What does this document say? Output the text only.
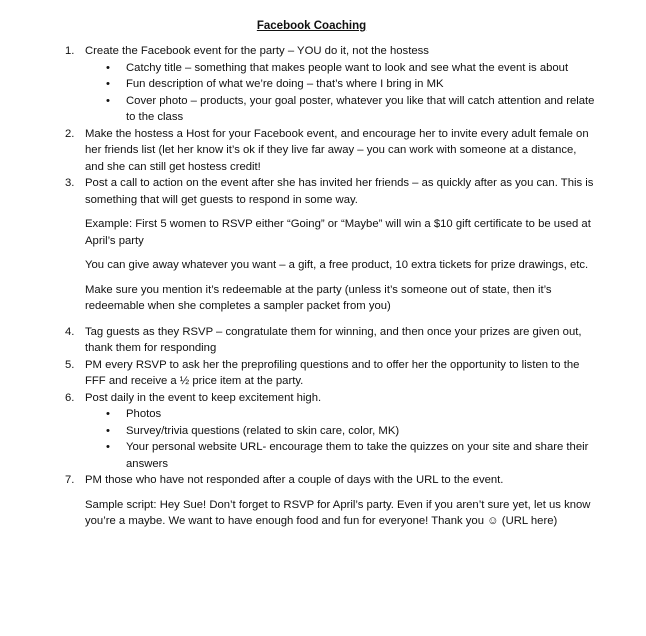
Facebook Coaching
1. Create the Facebook event for the party – YOU do it, not the hostess
• Catchy title – something that makes people want to look and see what the event is about
• Fun description of what we’re doing – that’s where I bring in MK
• Cover photo – products, your goal poster, whatever you like that will catch attention and relate to the class
2. Make the hostess a Host for your Facebook event, and encourage her to invite every adult female on her friends list (let her know it’s ok if they live far away – you can work with someone at a distance, and she can still get hostess credit!
3. Post a call to action on the event after she has invited her friends – as quickly after as you can. This is something that will get guests to respond in some way.
Example: First 5 women to RSVP either “Going” or “Maybe” will win a $10 gift certificate to be used at April’s party
You can give away whatever you want – a gift, a free product, 10 extra tickets for prize drawings, etc.
Make sure you mention it’s redeemable at the party (unless it’s someone out of state, then it’s redeemable when she completes a sampler packet from you)
4. Tag guests as they RSVP – congratulate them for winning, and then once your prizes are given out, thank them for responding
5. PM every RSVP to ask her the preprofiling questions and to offer her the opportunity to listen to the FFF and receive a ½ price item at the party.
6. Post daily in the event to keep excitement high.
• Photos
• Survey/trivia questions (related to skin care, color, MK)
• Your personal website URL- encourage them to take the quizzes on your site and share their answers
7. PM those who have not responded after a couple of days with the URL to the event.
Sample script: Hey Sue! Don’t forget to RSVP for April’s party. Even if you aren’t sure yet, let us know you’re a maybe. We want to have enough food and fun for everyone! Thank you ☺ (URL here)
